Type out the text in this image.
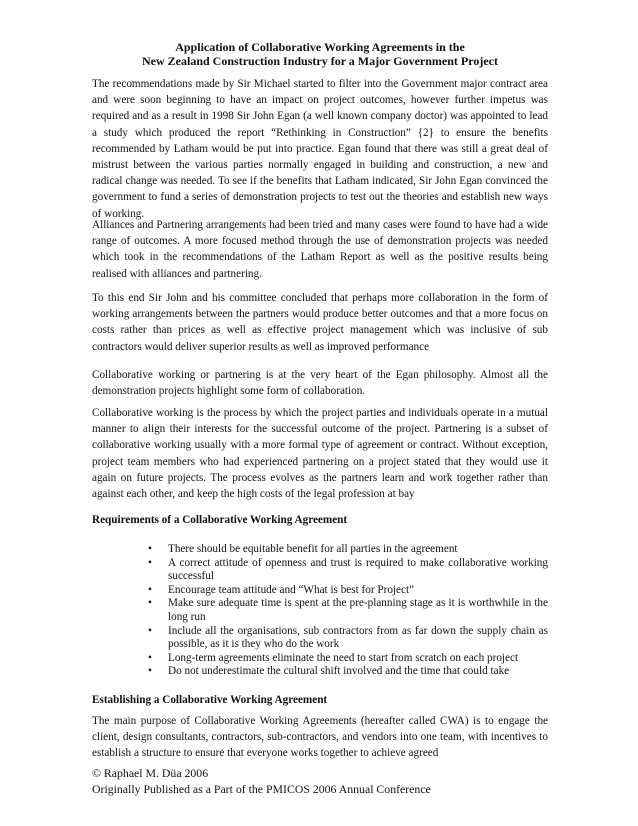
Application of Collaborative Working Agreements in the
New Zealand Construction Industry for a Major Government Project

The recommendations made by Sir Michael started to filter into the Government major contract area and were soon beginning to have an impact on project outcomes, however further impetus was required and as a result in 1998 Sir John Egan (a well known company doctor) was appointed to lead a study which produced the report “Rethinking in Construction” {2} to ensure the benefits recommended by Latham would be put into practice. Egan found that there was still a great deal of mistrust between the various parties normally engaged in building and construction, a new and radical change was needed. To see if the benefits that Latham indicated, Sir John Egan convinced the government to fund a series of demonstration projects to test out the theories and establish new ways of working.

Alliances and Partnering arrangements had been tried and many cases were found to have had a wide range of outcomes. A more focused method through the use of demonstration projects was needed which took in the recommendations of the Latham Report as well as the positive results being realised with alliances and partnering.

To this end Sir John and his committee concluded that perhaps more collaboration in the form of working arrangements between the partners would produce better outcomes and that a more focus on costs rather than prices as well as effective project management which was inclusive of sub contractors would deliver superior results as well as improved performance

Collaborative working or partnering is at the very heart of the Egan philosophy. Almost all the demonstration projects highlight some form of collaboration.

Collaborative working is the process by which the project parties and individuals operate in a mutual manner to align their interests for the successful outcome of the project. Partnering is a subset of collaborative working usually with a more formal type of agreement or contract. Without exception, project team members who had experienced partnering on a project stated that they would use it again on future projects. The process evolves as the partners learn and work together rather than against each other, and keep the high costs of the legal profession at bay

Requirements of a Collaborative Working Agreement
• There should be equitable benefit for all parties in the agreement
• A correct attitude of openness and trust is required to make collaborative working successful
• Encourage team attitude and “What is best for Project”
• Make sure adequate time is spent at the pre-planning stage as it is worthwhile in the long run
• Include all the organisations, sub contractors from as far down the supply chain as possible, as it is they who do the work
• Long-term agreements eliminate the need to start from scratch on each project
• Do not underestimate the cultural shift involved and the time that could take
Establishing a Collaborative Working Agreement

The main purpose of Collaborative Working Agreements (hereafter called CWA) is to engage the client, design consultants, contractors, sub-contractors, and vendors into one team, with incentives to establish a structure to ensure that everyone works together to achieve agreed

© Raphael M. Düa 2006
Originally Published as a Part of the PMICOS 2006 Annual Conference
